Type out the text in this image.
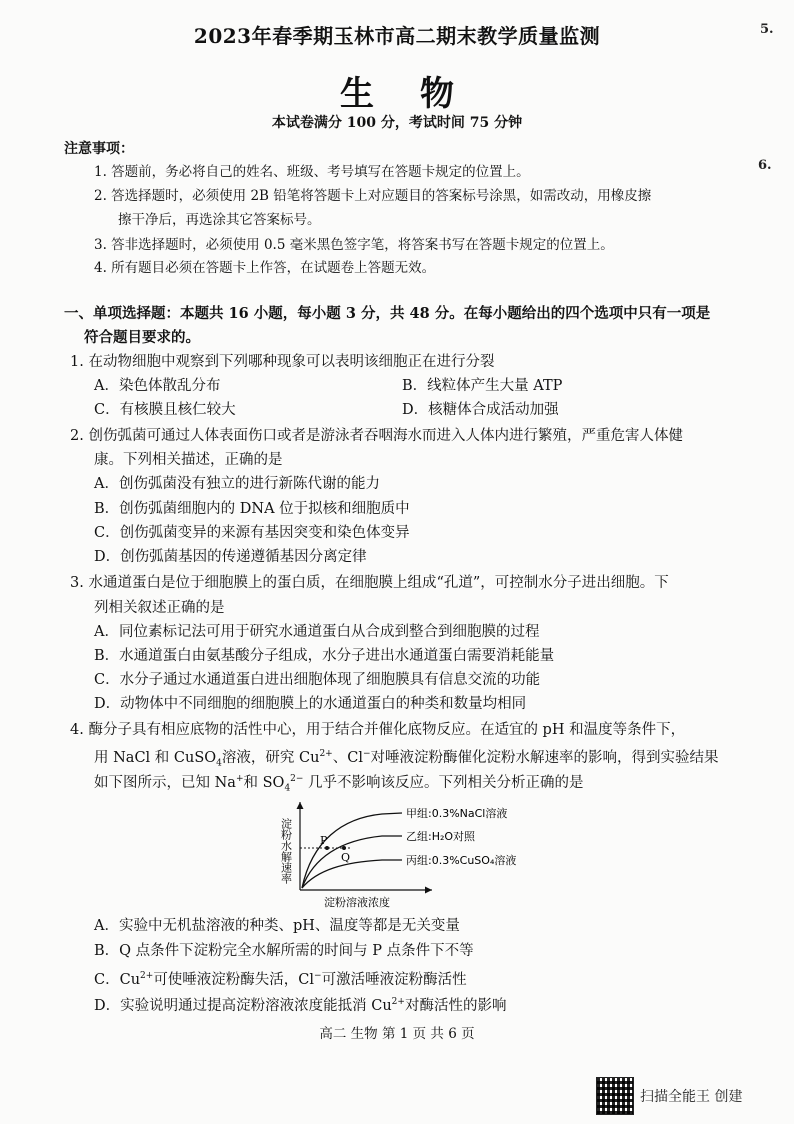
2023年春季期玉林市高二期末教学质量监测
生物
本试卷满分 100 分，考试时间 75 分钟
5.
6.
注意事项：
1. 答题前，务必将自己的姓名、班级、考号填写在答题卡规定的位置上。
2. 答选择题时，必须使用 2B 铅笔将答题卡上对应题目的答案标号涂黑，如需改动，用橡皮擦
擦干净后，再选涂其它答案标号。
3. 答非选择题时，必须使用 0.5 毫米黑色签字笔，将答案书写在答题卡规定的位置上。
4. 所有题目必须在答题卡上作答，在试题卷上答题无效。
一、单项选择题：本题共 16 小题，每小题 3 分，共 48 分。在每小题给出的四个选项中只有一项是
符合题目要求的。
1. 在动物细胞中观察到下列哪种现象可以表明该细胞正在进行分裂
A．染色体散乱分布	B．线粒体产生大量 ATP
C．有核膜且核仁较大	D．核糖体合成活动加强
2. 创伤弧菌可通过人体表面伤口或者是游泳者吞咽海水而进入人体内进行繁殖，严重危害人体健
康。下列相关描述，正确的是
A．创伤弧菌没有独立的进行新陈代谢的能力
B．创伤弧菌细胞内的 DNA 位于拟核和细胞质中
C．创伤弧菌变异的来源有基因突变和染色体变异
D．创伤弧菌基因的传递遵循基因分离定律
3. 水通道蛋白是位于细胞膜上的蛋白质，在细胞膜上组成“孔道”，可控制水分子进出细胞。下
列相关叙述正确的是
A．同位素标记法可用于研究水通道蛋白从合成到整合到细胞膜的过程
B．水通道蛋白由氨基酸分子组成，水分子进出水通道蛋白需要消耗能量
C．水分子通过水通道蛋白进出细胞体现了细胞膜具有信息交流的功能
D．动物体中不同细胞的细胞膜上的水通道蛋白的种类和数量均相同
4. 酶分子具有相应底物的活性中心，用于结合并催化底物反应。在适宜的 pH 和温度等条件下，
用 NaCl 和 CuSO$_4$溶液，研究 $Cu^{2+}$、Cl−对唾液淀粉酶催化淀粉水解速率的影响，得到实验结果
如下图所示，已知 Na+和 $SO_4^{2-}$ 几乎不影响该反应。下列相关分析正确的是
淀粉水解速率	P
Q
甲组:0.3%NaCl溶液
乙组:H₂O对照
丙组:0.3%CuSO₄溶液
淀粉溶液浓度
A．实验中无机盐溶液的种类、pH、温度等都是无关变量
B．Q 点条件下淀粉完全水解所需的时间与 P 点条件下不等
C．$Cu^{2+}$可使唾液淀粉酶失活，Cl−可激活唾液淀粉酶活性
D．实验说明通过提高淀粉溶液浓度能抵消 $Cu^{2+}$对酶活性的影响
高二 生物 第 1 页 共 6 页
扫描全能王 创建
